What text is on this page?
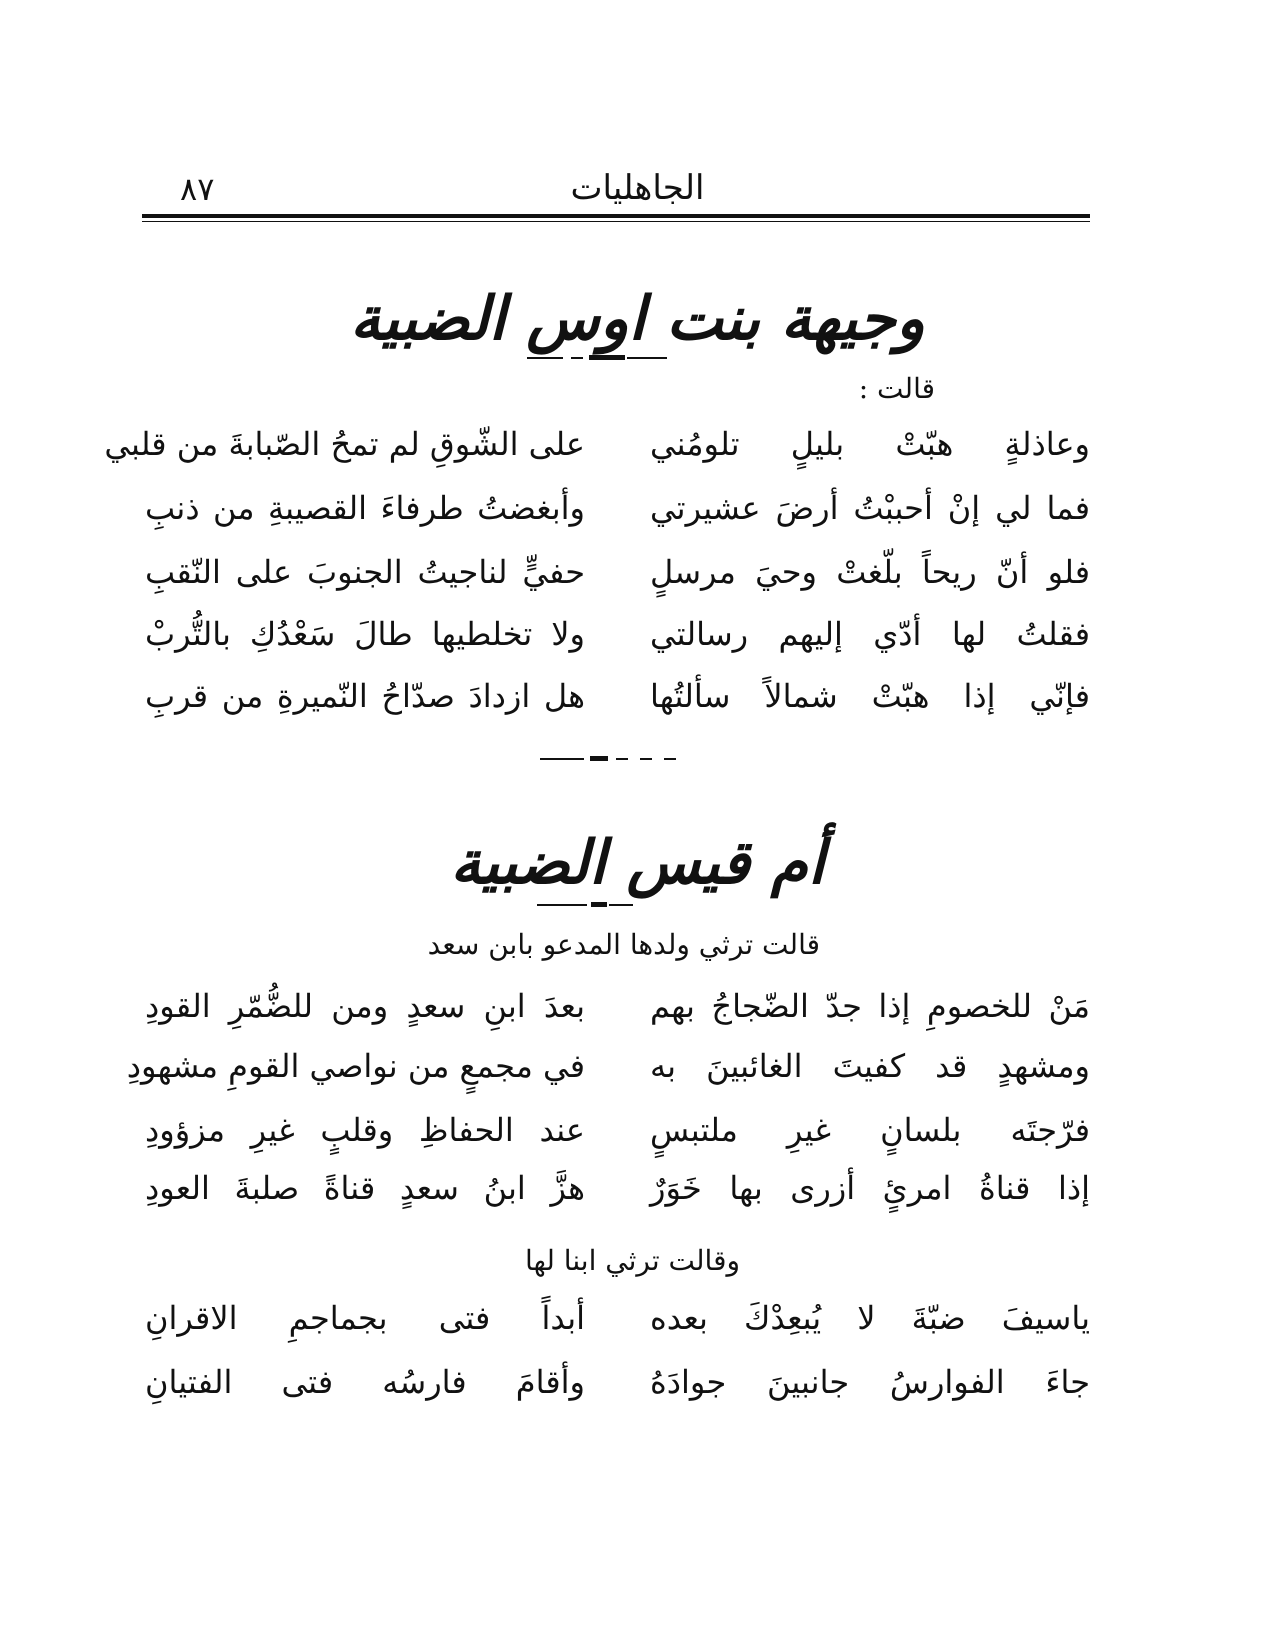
٨٧	الجاهليات
وجيهة بنت اوس الضبية
قالت :
وعاذلةٍ هبّتْ بليلٍ تلومُني
على الشّوقِ لم تمحُ الصّبابةَ من قلبي
فما لي إنْ أحببْتُ أرضَ عشيرتي
وأبغضتُ طرفاءَ القصيبةِ من ذنبِ
فلو أنّ ريحاً بلّغتْ وحيَ مرسلٍ
حفيٍّ لناجيتُ الجنوبَ على النّقبِ
فقلتُ لها أدّي إليهم رسالتي
ولا تخلطيها طالَ سَعْدُكِ بالتُّربْ
فإنّي إذا هبّتْ شمالاً سألتُها
هل ازدادَ صدّاحُ النّميرةِ من قربِ
أم قيس الضبية
قالت ترثي ولدها المدعو بابن سعد
مَنْ للخصومِ إذا جدّ الضّجاجُ بهم
بعدَ ابنِ سعدٍ ومن للضُّمّرِ القودِ
ومشهدٍ قد كفيتَ الغائبينَ به
في مجمعٍ من نواصي القومِ مشهودِ
فرّجتَه بلسانٍ غيرِ ملتبسٍ
عند الحفاظِ وقلبٍ غيرِ مزؤودِ
إذا قناةُ امرئٍ أزرى بها خَوَرٌ
هزَّ ابنُ سعدٍ قناةً صلبةَ العودِ
وقالت ترثي ابنا لها
ياسيفَ ضبّةَ لا يُبعِدْكَ بعده
أبداً فتى بجماجمِ الاقرانِ
جاءَ الفوارسُ جانبينَ جوادَهُ
وأقامَ فارسُه فتى الفتيانِ
